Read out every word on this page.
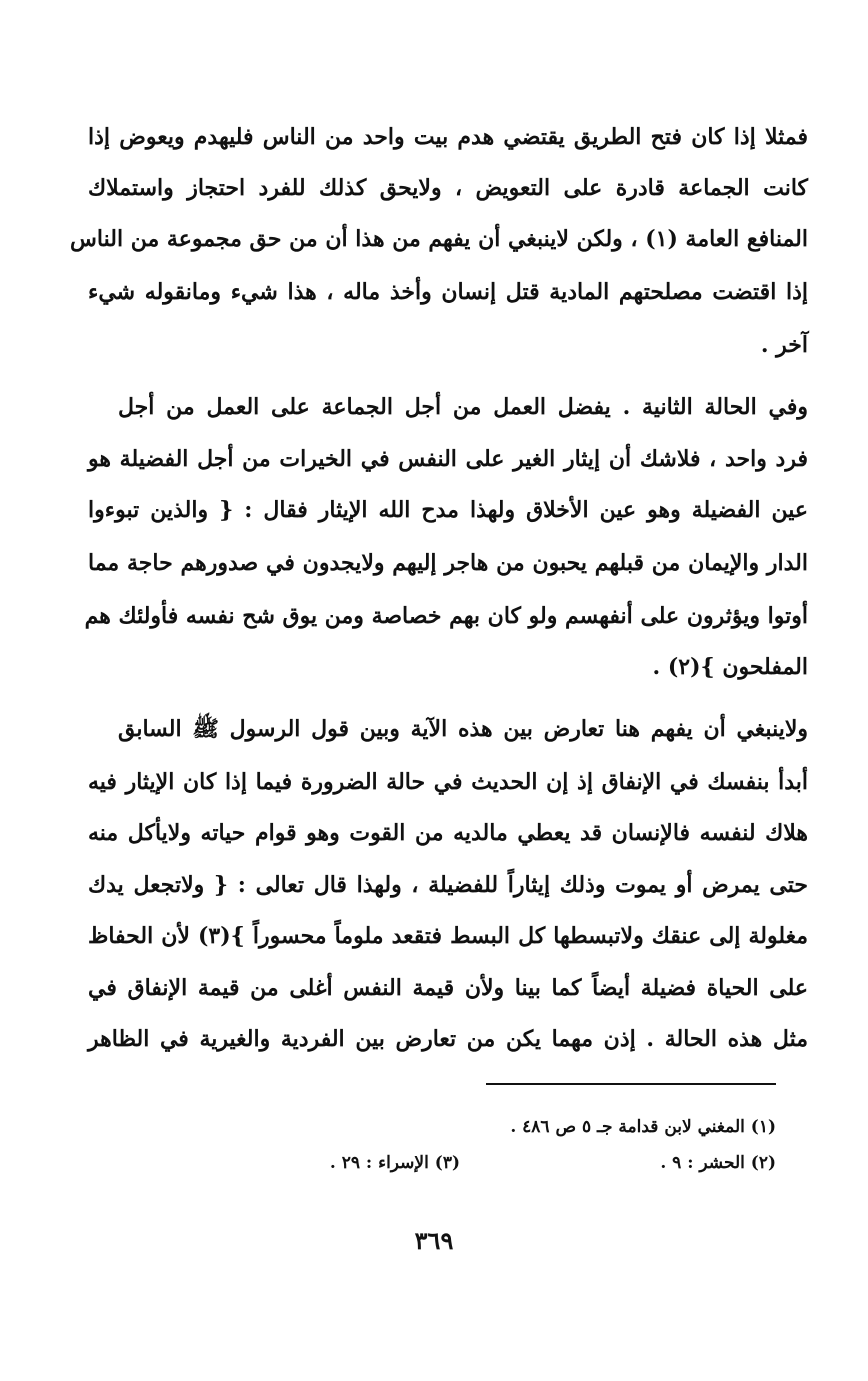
فمثلا إذا كان فتح الطريق يقتضي هدم بيت واحد من الناس فليهدم ويعوض إذا
كانت الجماعة قادرة على التعويض ، ولايحق كذلك للفرد احتجاز واستملاك
المنافع العامة (١) ، ولكن لاينبغي أن يفهم من هذا أن من حق مجموعة من الناس
إذا اقتضت مصلحتهم المادية قتل إنسان وأخذ ماله ، هذا شيء ومانقوله شيء
آخر .
وفي الحالة الثانية . يفضل العمل من أجل الجماعة على العمل من أجل
فرد واحد ، فلاشك أن إيثار الغير على النفس في الخيرات من أجل الفضيلة هو
عين الفضيلة وهو عين الأخلاق ولهذا مدح الله الإيثار فقال : { والذين تبوءوا
الدار والإيمان من قبلهم يحبون من هاجر إليهم ولايجدون في صدورهم حاجة مما
أوتوا ويؤثرون على أنفهسم ولو كان بهم خصاصة ومن يوق شح نفسه فأولئك هم
المفلحون }(٢) .
ولاينبغي أن يفهم هنا تعارض بين هذه الآية وبين قول الرسول ﷺ السابق
أبدأ بنفسك في الإنفاق إذ إن الحديث في حالة الضرورة فيما إذا كان الإيثار فيه
هلاك لنفسه فالإنسان قد يعطي مالديه من القوت وهو قوام حياته ولايأكل منه
حتى يمرض أو يموت وذلك إيثاراً للفضيلة ، ولهذا قال تعالى : { ولاتجعل يدك
مغلولة إلى عنقك ولاتبسطها كل البسط فتقعد ملوماً محسوراً }(٣) لأن الحفاظ
على الحياة فضيلة أيضاً كما بينا ولأن قيمة النفس أغلى من قيمة الإنفاق في
مثل هذه الحالة . إذن مهما يكن من تعارض بين الفردية والغيرية في الظاهر
(١) المغني لابن قدامة جـ ٥ ص ٤٨٦ .
(٢) الحشر : ٩ .
(٣) الإسراء : ٢٩ .
٣٦٩
